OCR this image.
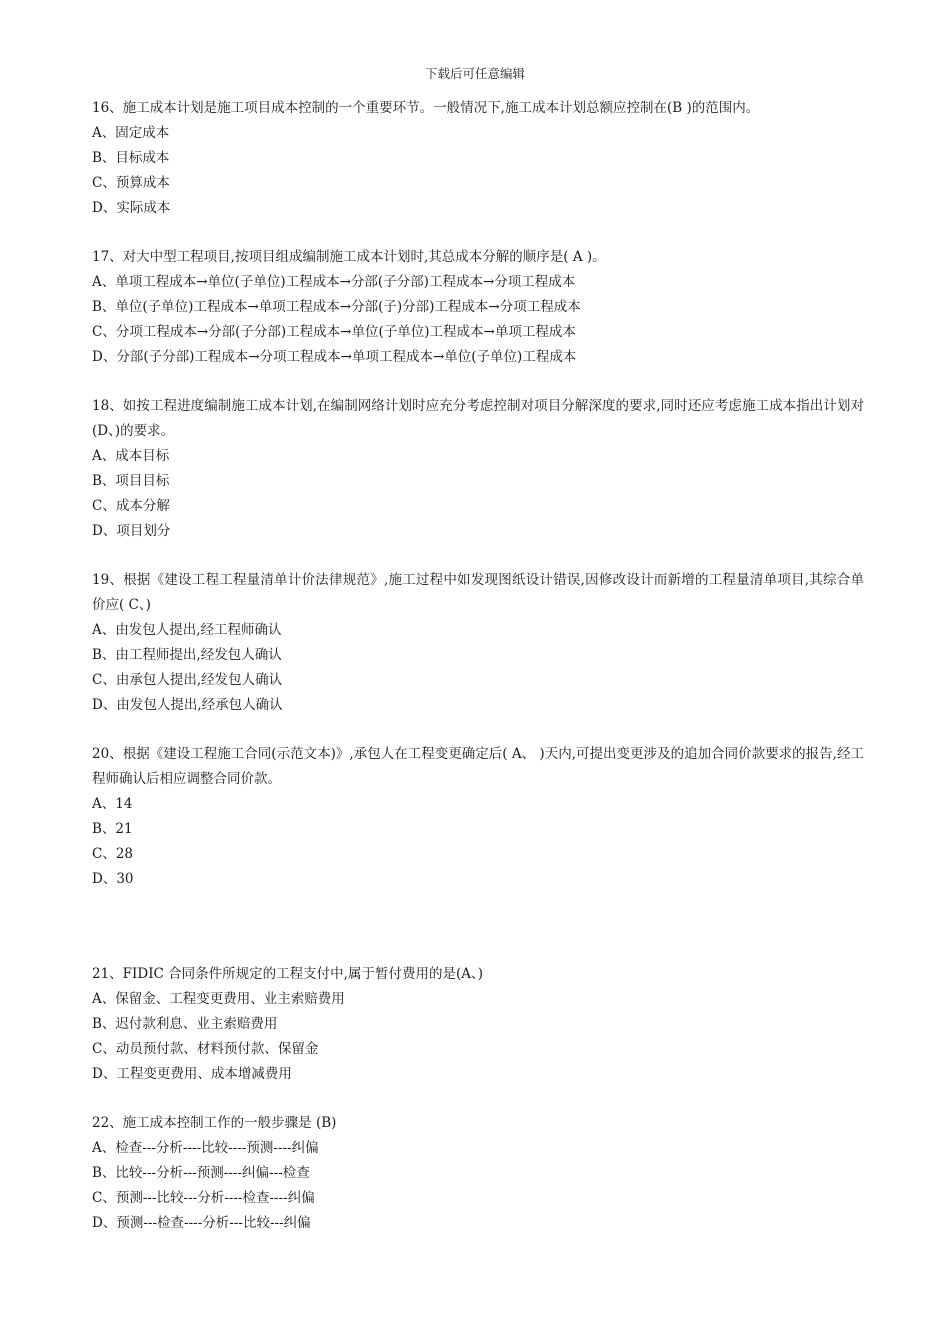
下载后可任意编辑

16、施工成本计划是施工项目成本控制的一个重要环节。一般情况下,施工成本计划总额应控制在(B )的范围内。

A、固定成本

B、目标成本

C、预算成本

D、实际成本

17、对大中型工程项目,按项目组成编制施工成本计划时,其总成本分解的顺序是( A )。

A、单项工程成本→单位(子单位)工程成本→分部(子分部)工程成本→分项工程成本

B、单位(子单位)工程成本→单项工程成本→分部(子)分部)工程成本→分项工程成本

C、分项工程成本→分部(子分部)工程成本→单位(子单位)工程成本→单项工程成本

D、分部(子分部)工程成本→分项工程成本→单项工程成本→单位(子单位)工程成本

18、如按工程进度编制施工成本计划,在编制网络计划时应充分考虑控制对项目分解深度的要求,同时还应考虑施工成本指出计划对(D、)的要求。

A、成本目标

B、项目目标

C、成本分解

D、项目划分

19、根据《建设工程工程量清单计价法律规范》,施工过程中如发现图纸设计错误,因修改设计而新增的工程量清单项目,其综合单价应( C、)

A、由发包人提出,经工程师确认

B、由工程师提出,经发包人确认

C、由承包人提出,经发包人确认

D、由发包人提出,经承包人确认

20、根据《建设工程施工合同(示范文本)》,承包人在工程变更确定后( A、 )天内,可提出变更涉及的追加合同价款要求的报告,经工程师确认后相应调整合同价款。

A、14

B、21

C、28

D、30

21、FIDIC 合同条件所规定的工程支付中,属于暂付费用的是(A、)

A、保留金、工程变更费用、业主索赔费用

B、迟付款利息、业主索赔费用

C、动员预付款、材料预付款、保留金

D、工程变更费用、成本增减费用

22、施工成本控制工作的一般步骤是 (B)

A、检查---分析----比较----预测----纠偏

B、比较---分析---预测----纠偏---检查

C、预测---比较---分析----检查----纠偏

D、预测---检查----分析---比较---纠偏
